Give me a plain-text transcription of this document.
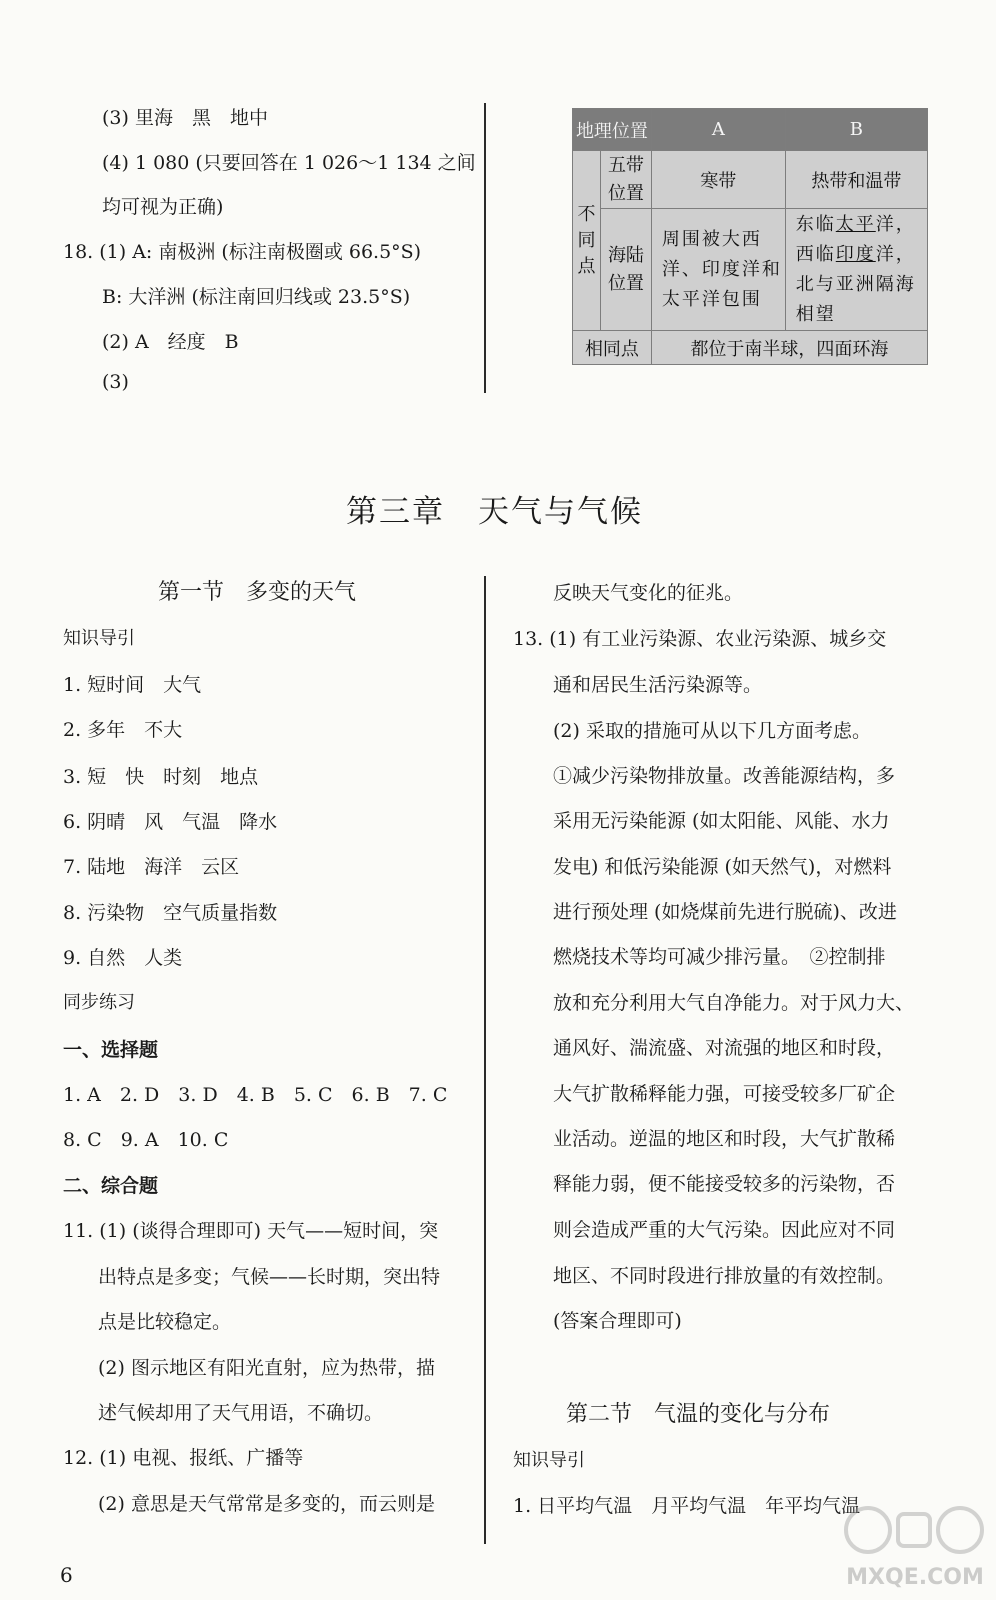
(3) 里海　黑　地中
(4) 1 080 (只要回答在 1 026～1 134 之间
均可视为正确)
18. (1) A: 南极洲 (标注南极圈或 66.5°S)
B: 大洋洲 (标注南回归线或 23.5°S)
(2) A　经度　B
(3)
地理位置		A	B
不同点	五带位置	寒带	热带和温带
	海陆位置	周围被大西洋、印度洋和太平洋包围	东临太平洋，西临印度洋，北与亚洲隔海相望
相同点		都位于南半球，四面环海	
第三章　天气与气候
第一节　多变的天气
知识导引
1. 短时间　大气
2. 多年　不大
3. 短　快　时刻　地点
6. 阴晴　风　气温　降水
7. 陆地　海洋　云区
8. 污染物　空气质量指数
9. 自然　人类
同步练习
一、选择题
1. A　2. D　3. D　4. B　5. C　6. B　7. C
8. C　9. A　10. C
二、综合题
11. (1) (谈得合理即可) 天气——短时间，突
出特点是多变；气候——长时期，突出特
点是比较稳定。
(2) 图示地区有阳光直射，应为热带，描
述气候却用了天气用语，不确切。
12. (1) 电视、报纸、广播等
(2) 意思是天气常常是多变的，而云则是
反映天气变化的征兆。
13. (1) 有工业污染源、农业污染源、城乡交
通和居民生活污染源等。
(2) 采取的措施可从以下几方面考虑。
①减少污染物排放量。改善能源结构，多
采用无污染能源 (如太阳能、风能、水力
发电) 和低污染能源 (如天然气)，对燃料
进行预处理 (如烧煤前先进行脱硫)、改进
燃烧技术等均可减少排污量。　②控制排
放和充分利用大气自净能力。对于风力大、
通风好、湍流盛、对流强的地区和时段，
大气扩散稀释能力强，可接受较多厂矿企
业活动。逆温的地区和时段，大气扩散稀
释能力弱，便不能接受较多的污染物，否
则会造成严重的大气污染。因此应对不同
地区、不同时段进行排放量的有效控制。
(答案合理即可)
第二节　气温的变化与分布
知识导引
1. 日平均气温　月平均气温　年平均气温
6	MXQE.COM
